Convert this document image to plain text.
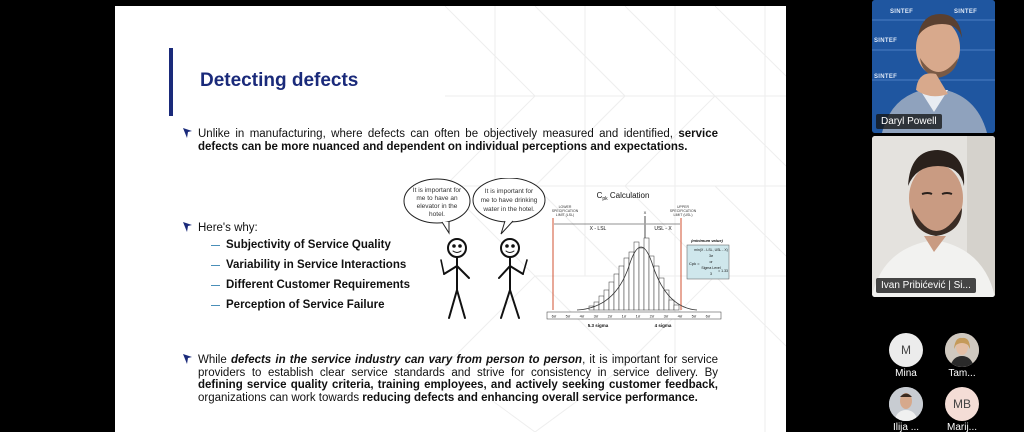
Detecting defects
Unlike in manufacturing, where defects can often be objectively measured and identified, service defects can be more nuanced and dependent on individual perceptions and expectations.
Here's why:
Subjectivity of Service Quality
Variability in Service Interactions
Different Customer Requirements
Perception of Service Failure
It is important for
me to have an
elevator in the
hotel.
It is important for
me to have drinking
water in the hotel.
$C_{pk}$ Calculation
LOWER
SPECIFICATION
LIMIT (LSL)
UPPER
SPECIFICATION
LIMIT (USL)
X
X - LSL	USL - X
6σ 5σ 4σ 3σ 2σ 1σ 1σ 2σ 3σ 4σ 5σ 6σ
5.3 sigma	4 sigma
(minimum value)
Cpk =
min(X - LSL, USL - X)
3σ
or
Sigma Level
3
= 1.33
While defects in the service industry can vary from person to person, it is important for service providers to establish clear service standards and strive for consistency in service delivery. By defining service quality criteria, training employees, and actively seeking customer feedback, organizations can work towards reducing defects and enhancing overall service performance.
SINTEF	SINTEF
SINTEF
SINTEF
Daryl Powell
Ivan Pribićević | Si...
M
Mina	Tam...
Ilija ...
MB
Marij...
